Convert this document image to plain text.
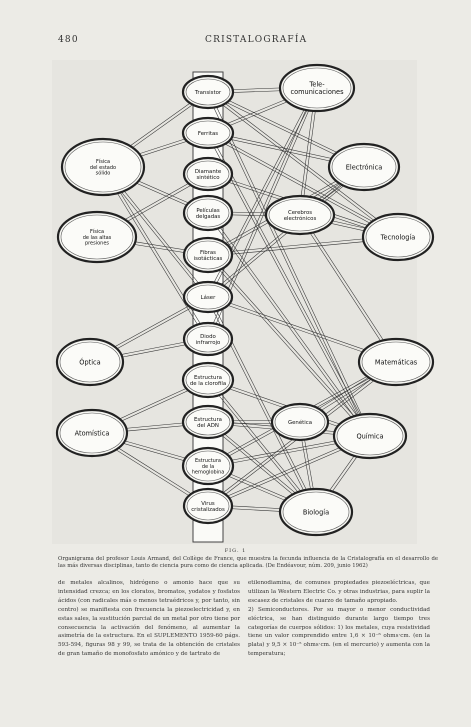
480	CRISTALOGRAFÍA
Transistor
Ferritas
Diamante
sintético
Películas
delgadas
Fibras
isotácticas
Láser
Diodo
infrarrojo
Estructura
de la clorofila
Estructura
del ADN
Estructura
de la
hemoglobina
Virus
cristalizados
Física
del estado
sólido
Física
de las altas
presiones
Óptica
Atomística
Tele-
comunicaciones
Electrónica
Cerebros
electrónicos
Tecnología
Matemáticas
Genética
Química
Biología
FIG. 1
Organigrama del profesor Louis Armand, del Collège de France, que muestra la fecunda influencia de la Cristalografía en el desarrollo de las más diversas disciplinas, tanto de ciencia pura como de ciencia aplicada. (De Endéavour, núm. 209, junio 1962)

de metales alcalinos, hidrógeno o amonio hace que su intensidad crezca; en los cloratos, bromatos, yodatos y fosfatos ácidos (con radicales más o menos tetraédricos y, por tanto, sin centro) se manifiesta con frecuencia la piezoelectricidad y, en estas sales, la sustitución parcial de un metal por otro tiene por consecuencia la activación del fenómeno, al aumentar la asimetría de la estructura. En el SUPLEMENTO 1959-60 págs. 593-594, figuras 98 y 99, se trata de la obtención de cristales de gran tamaño de monofosfato amónico y de tartrato de

etilenodiamina, de comunes propiedades piezoeléctricas, que utilizan la Western Electric Co. y otras industrias, para suplir la escasez de cristales de cuarzo de tamaño apropiado.
2) Semiconductores. Por su mayor o menor conductividad eléctrica, se han distinguido durante largo tiempo tres categorías de cuerpos sólidos: 1) los metales, cuya resistividad tiene un valor comprendido entre 1,6 × 10⁻⁶ ohms·cm. (en la plata) y 9,5 × 10⁻⁵ ohms·cm. (en el mercurio) y aumenta con la temperatura;
